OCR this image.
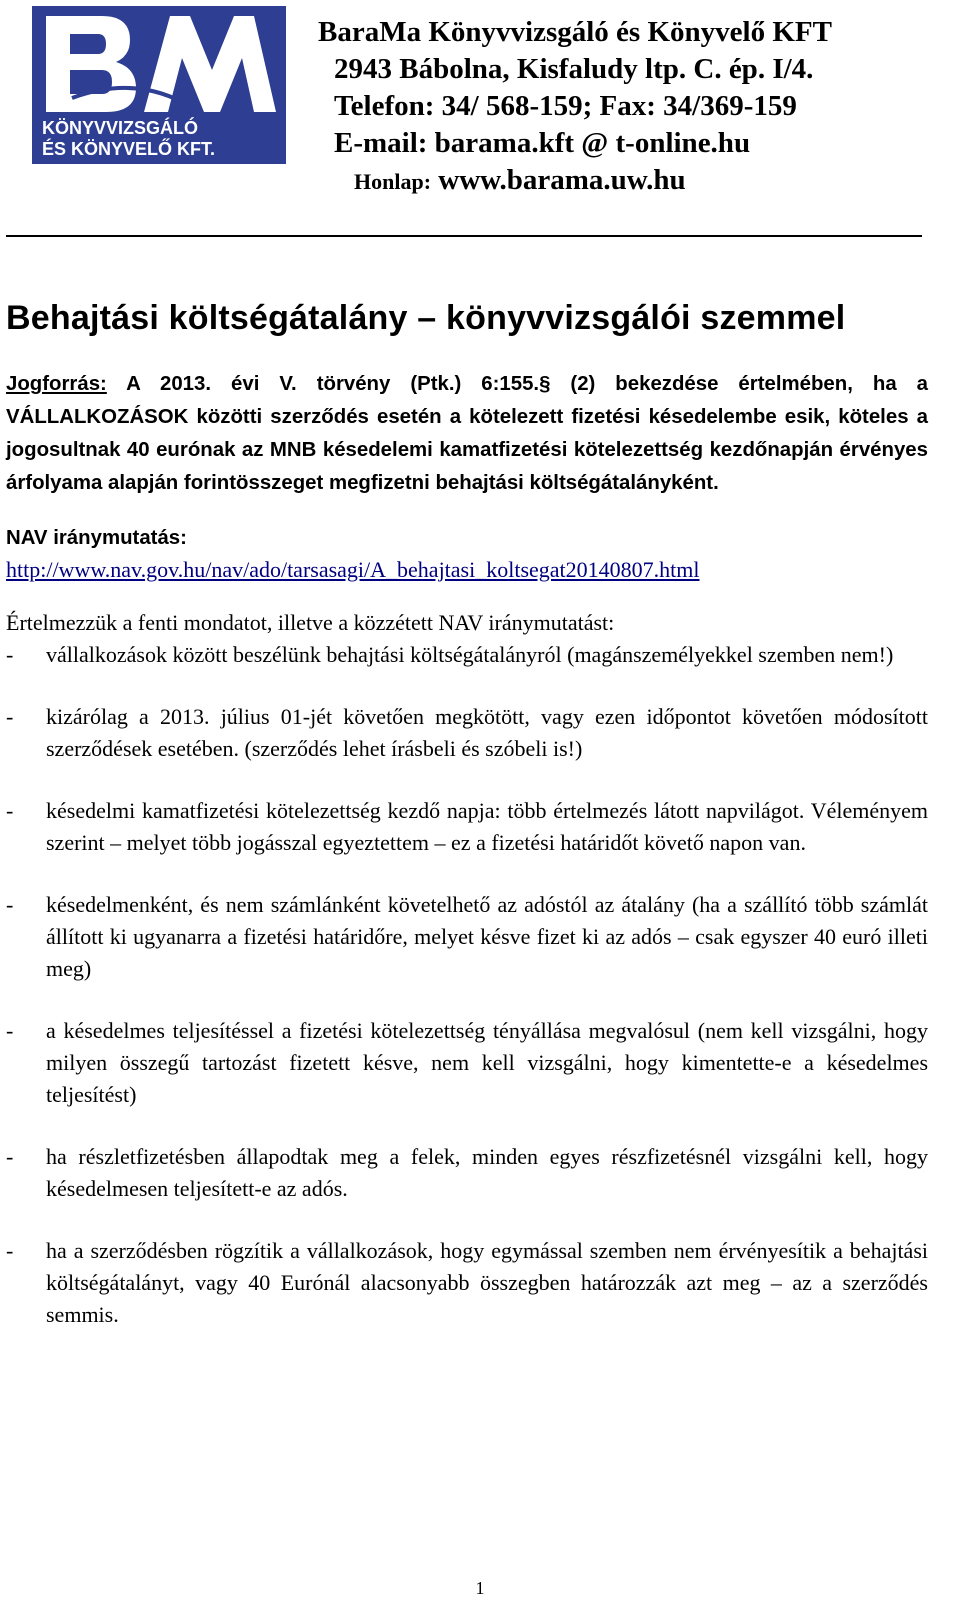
KÖNYVVIZSGÁLÓ
ÉS KÖNYVELŐ KFT.
BaraMa Könyvvizsgáló és Könyvelő KFT
2943 Bábolna, Kisfaludy ltp. C. ép. I/4.
Telefon: 34/ 568-159; Fax: 34/369-159
E-mail: barama.kft @ t-online.hu
Honlap: www.barama.uw.hu
Behajtási költségátalány – könyvvizsgálói szemmel

Jogforrás: A 2013. évi V. törvény (Ptk.) 6:155.§ (2) bekezdése értelmében, ha a VÁLLALKOZÁSOK közötti szerződés esetén a kötelezett fizetési késedelembe esik, köteles a jogosultnak 40 eurónak az MNB késedelemi kamatfizetési kötelezettség kezdőnapján érvényes árfolyama alapján forintösszeget megfizetni behajtási költségátalányként.

NAV iránymutatás:

http://www.nav.gov.hu/nav/ado/tarsasagi/A_behajtasi_koltsegat20140807.html

Értelmezzük a fenti mondatot, illetve a közzétett NAV iránymutatást:

- vállalkozások között beszélünk behajtási költségátalányról (magánszemélyekkel szemben nem!)
- kizárólag a 2013. július 01-jét követően megkötött, vagy ezen időpontot követően módosított szerződések esetében. (szerződés lehet írásbeli és szóbeli is!)
- késedelmi kamatfizetési kötelezettség kezdő napja: több értelmezés látott napvilágot. Véleményem szerint – melyet több jogásszal egyeztettem – ez a fizetési határidőt követő napon van.
- késedelmenként, és nem számlánként követelhető az adóstól az átalány (ha a szállító több számlát állított ki ugyanarra a fizetési határidőre, melyet késve fizet ki az adós – csak egyszer 40 euró illeti meg)
- a késedelmes teljesítéssel a fizetési kötelezettség tényállása megvalósul (nem kell vizsgálni, hogy milyen összegű tartozást fizetett késve, nem kell vizsgálni, hogy kimentette-e a késedelmes teljesítést)
- ha részletfizetésben állapodtak meg a felek, minden egyes részfizetésnél vizsgálni kell, hogy késedelmesen teljesített-e az adós.
- ha a szerződésben rögzítik a vállalkozások, hogy egymással szemben nem érvényesítik a behajtási költségátalányt, vagy 40 Eurónál alacsonyabb összegben határozzák azt meg – az a szerződés semmis.
1
